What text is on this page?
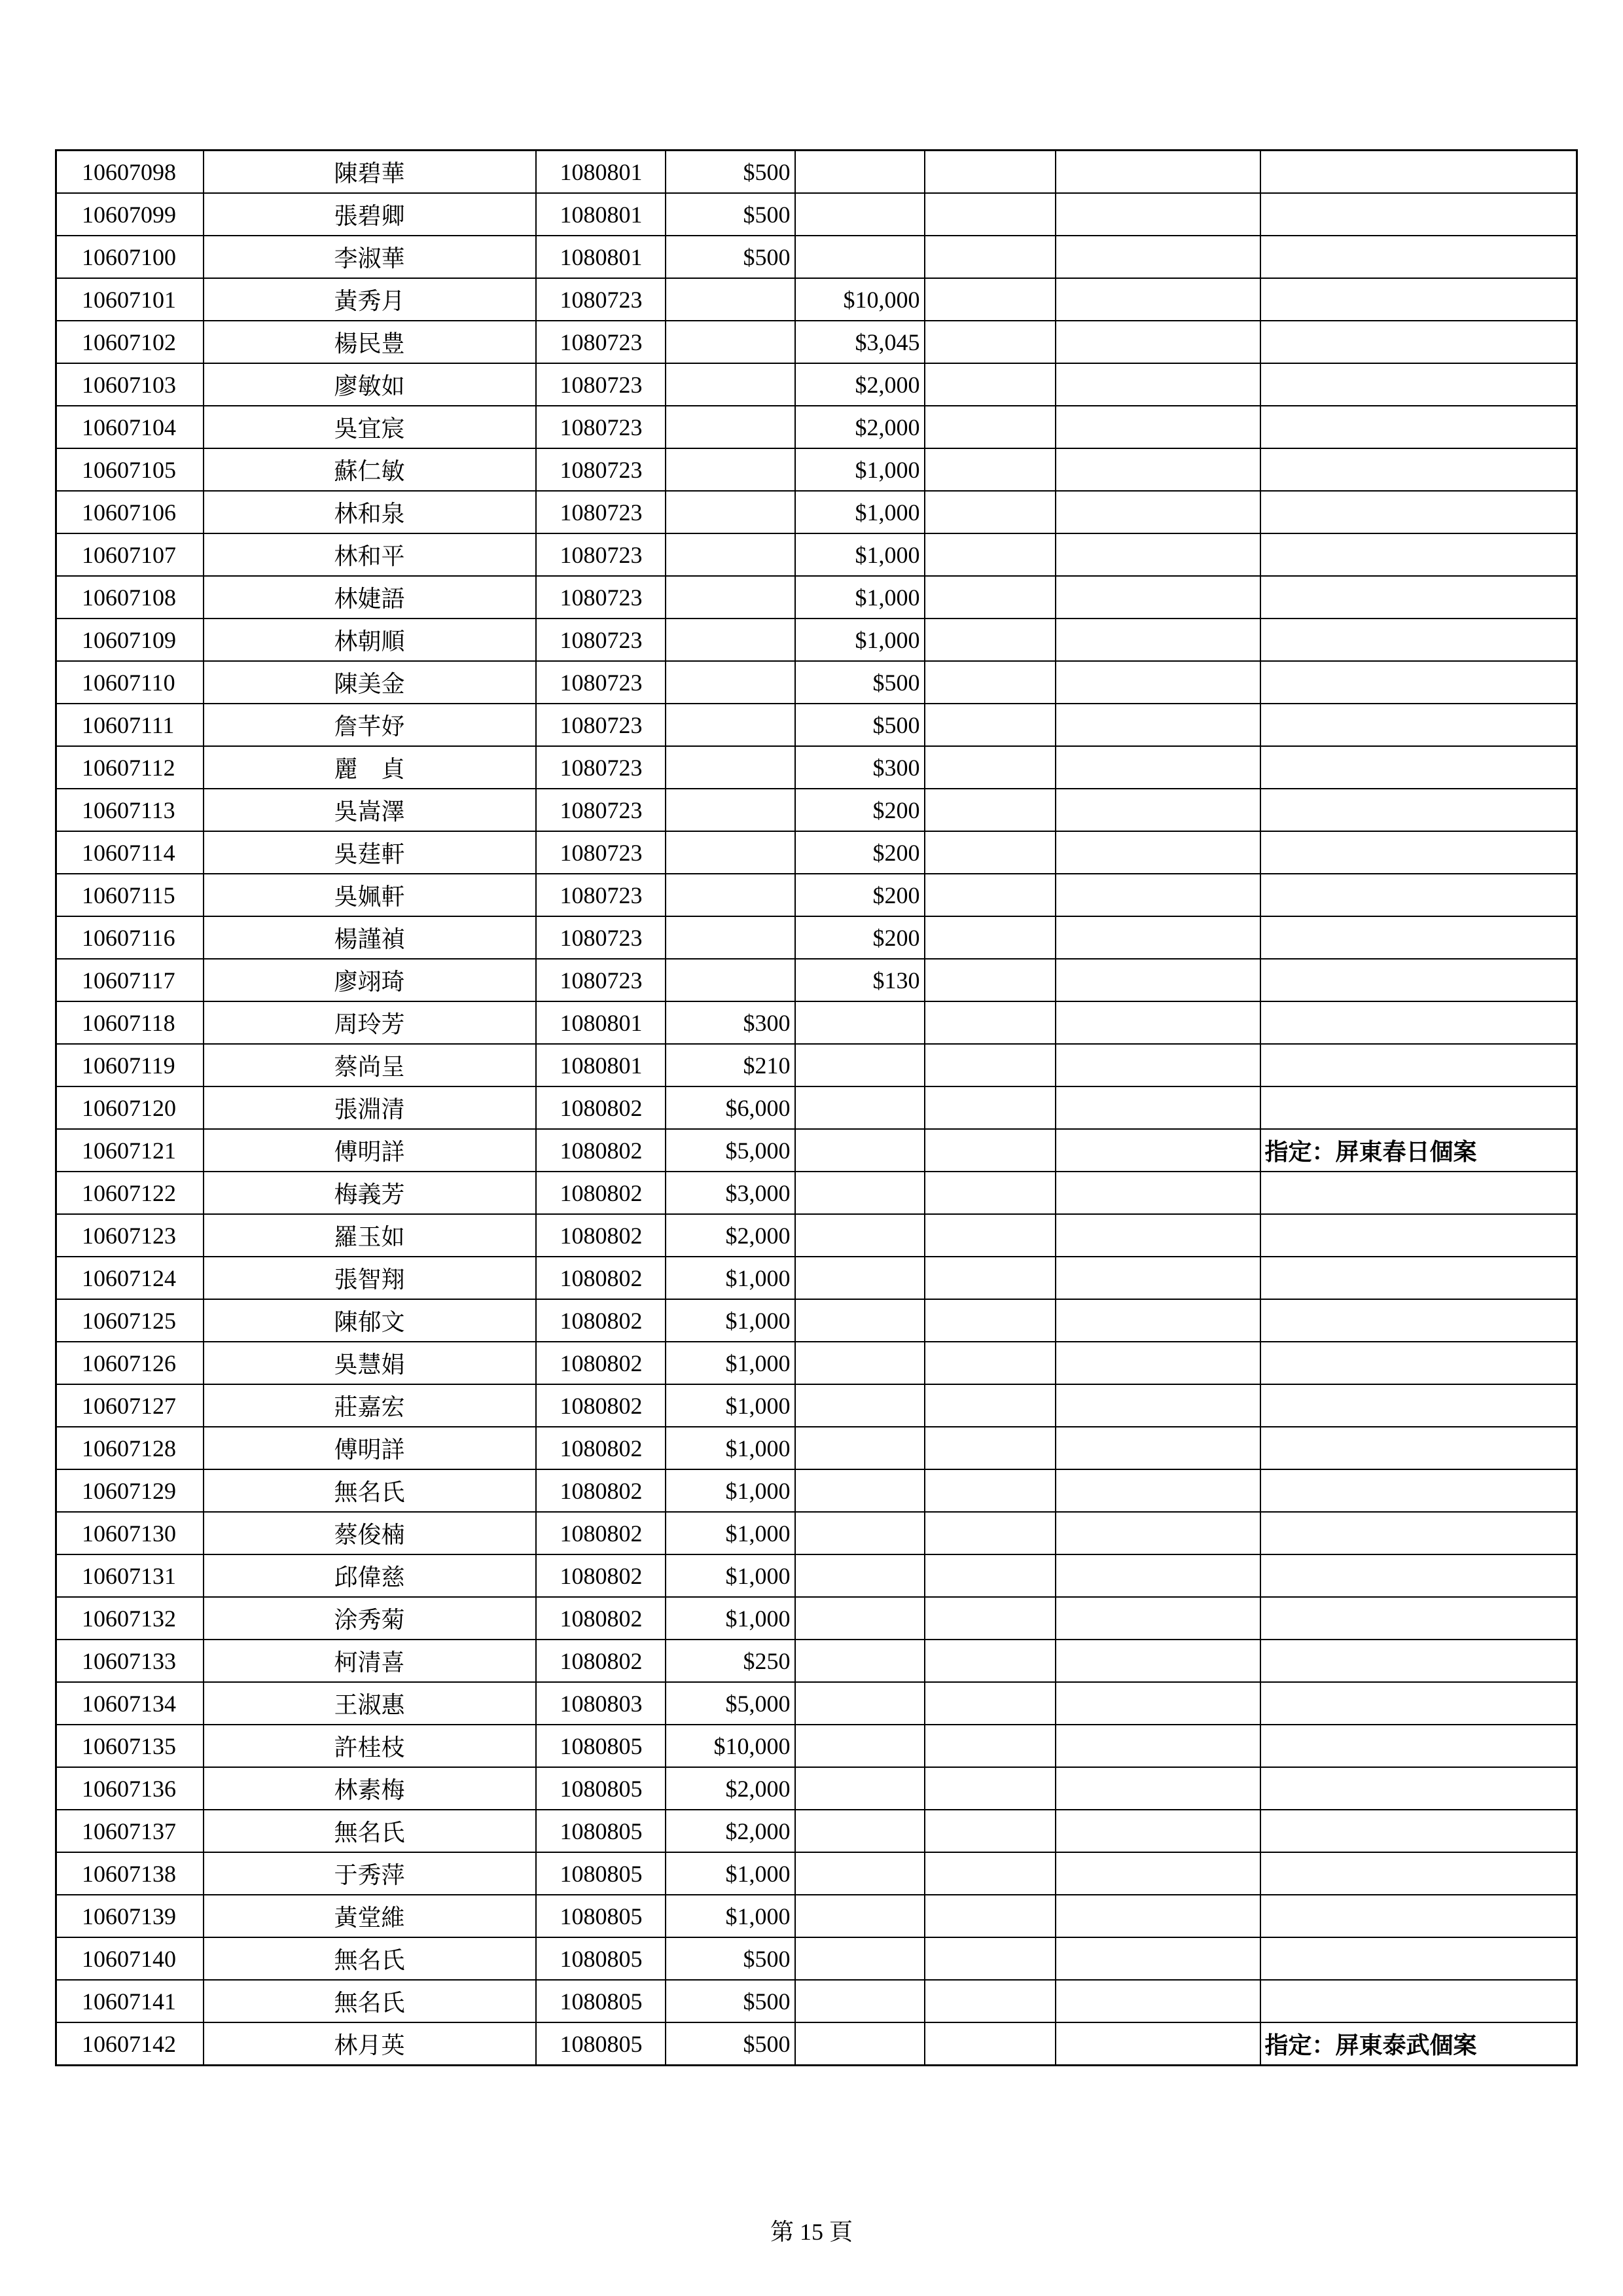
10607098	陳碧華	1080801	$500				
10607099	張碧卿	1080801	$500				
10607100	李淑華	1080801	$500				
10607101	黃秀月	1080723		$10,000			
10607102	楊民豊	1080723		$3,045			
10607103	廖敏如	1080723		$2,000			
10607104	吳宜宸	1080723		$2,000			
10607105	蘇仁敏	1080723		$1,000			
10607106	林和泉	1080723		$1,000			
10607107	林和平	1080723		$1,000			
10607108	林婕語	1080723		$1,000			
10607109	林朝順	1080723		$1,000			
10607110	陳美金	1080723		$500			
10607111	詹芊妤	1080723		$500			
10607112	麗　貞	1080723		$300			
10607113	吳嵩澤	1080723		$200			
10607114	吳莛軒	1080723		$200			
10607115	吳姵軒	1080723		$200			
10607116	楊謹禎	1080723		$200			
10607117	廖翊琦	1080723		$130			
10607118	周玲芳	1080801	$300				
10607119	蔡尚呈	1080801	$210				
10607120	張淵清	1080802	$6,000				
10607121	傅明詳	1080802	$5,000				指定：屏東春日個案
10607122	梅義芳	1080802	$3,000				
10607123	羅玉如	1080802	$2,000				
10607124	張智翔	1080802	$1,000				
10607125	陳郁文	1080802	$1,000				
10607126	吳慧娟	1080802	$1,000				
10607127	莊嘉宏	1080802	$1,000				
10607128	傅明詳	1080802	$1,000				
10607129	無名氏	1080802	$1,000				
10607130	蔡俊楠	1080802	$1,000				
10607131	邱偉慈	1080802	$1,000				
10607132	涂秀菊	1080802	$1,000				
10607133	柯清喜	1080802	$250				
10607134	王淑惠	1080803	$5,000				
10607135	許桂枝	1080805	$10,000				
10607136	林素梅	1080805	$2,000				
10607137	無名氏	1080805	$2,000				
10607138	于秀萍	1080805	$1,000				
10607139	黃堂維	1080805	$1,000				
10607140	無名氏	1080805	$500				
10607141	無名氏	1080805	$500				
10607142	林月英	1080805	$500				指定：屏東泰武個案
第 15 頁
